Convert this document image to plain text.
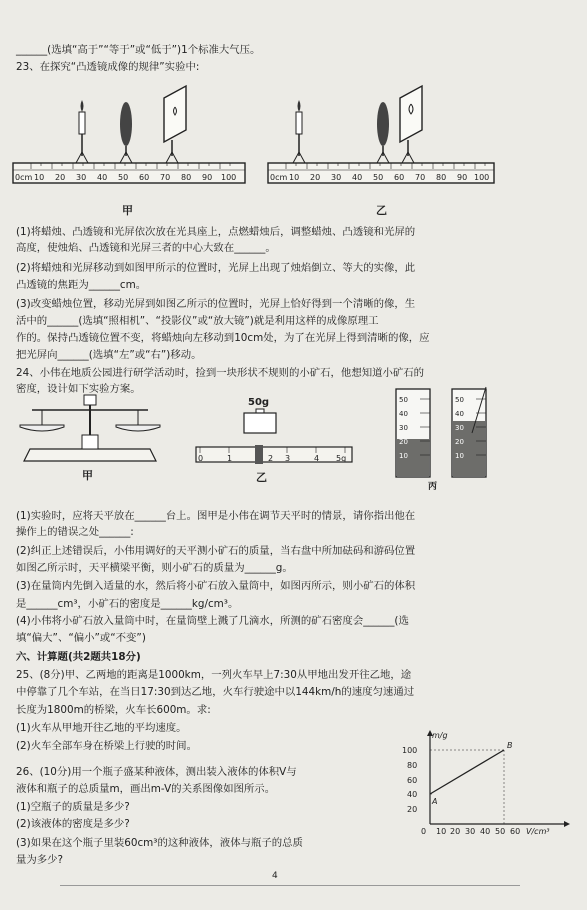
______(选填“高于”“等于”或“低于”)1个标准大气压。
23、在探究“凸透镜成像的规律”实验中:
0cm 10 20 30 40 50 60 70 80 90 100
甲
0cm 10 20 30 40 50 60 70 80 90 100
乙
(1)将蜡烛、凸透镜和光屏依次放在光具座上，点燃蜡烛后，调整蜡烛、凸透镜和光屏的
高度，使烛焰、凸透镜和光屏三者的中心大致在______。
(2)将蜡烛和光屏移动到如图甲所示的位置时，光屏上出现了烛焰倒立、等大的实像，此
凸透镜的焦距为______cm。
(3)改变蜡烛位置，移动光屏到如图乙所示的位置时，光屏上恰好得到一个清晰的像，生
活中的______(选填“照相机”、“投影仪”或“放大镜”)就是利用这样的成像原理工
作的。保持凸透镜位置不变，将蜡烛向左移动到10cm处，为了在光屏上得到清晰的像，应
把光屏向______(选填“左”或“右”)移动。
24、小伟在地质公园进行研学活动时，捡到一块形状不规则的小矿石，他想知道小矿石的
密度，设计如下实验方案。
甲
50g
0	1	2 3	4 5g
乙
50
40
30
20
10
50
40
30
20
10
丙
(1)实验时，应将天平放在______台上。图甲是小伟在调节天平时的情景，请你指出他在
操作上的错误之处______:
(2)纠正上述错误后，小伟用调好的天平测小矿石的质量，当右盘中所加砝码和游码位置
如图乙所示时，天平横梁平衡，则小矿石的质量为______g。
(3)在量筒内先倒入适量的水，然后将小矿石放入量筒中，如图丙所示，则小矿石的体积
是______cm³，小矿石的密度是______kg/cm³。
(4)小伟将小矿石放入量筒中时，在量筒壁上溅了几滴水，所测的矿石密度会______(选
填“偏大”、“偏小”或“不变”)
六、计算题(共2题共18分)
25、(8分)甲、乙两地的距离是1000km，一列火车早上7:30从甲地出发开往乙地，途
中停靠了几个车站，在当日17:30到达乙地，火车行驶途中以144km/h的速度匀速通过
长度为1800m的桥梁，火车长600m。求:
(1)火车从甲地开往乙地的平均速度。
(2)火车全部车身在桥梁上行驶的时间。
26、(10分)用一个瓶子盛某种液体，测出装入液体的体积V与
液体和瓶子的总质量m，画出m-V的关系图像如图所示。
(1)空瓶子的质量是多少?
(2)该液体的密度是多少?
(3)如果在这个瓶子里装60cm³的这种液体，液体与瓶子的总质
量为多少?
m/g
100
80
60
40
20
0 10 20 30 40 50 60 V/cm³
A
B
4
